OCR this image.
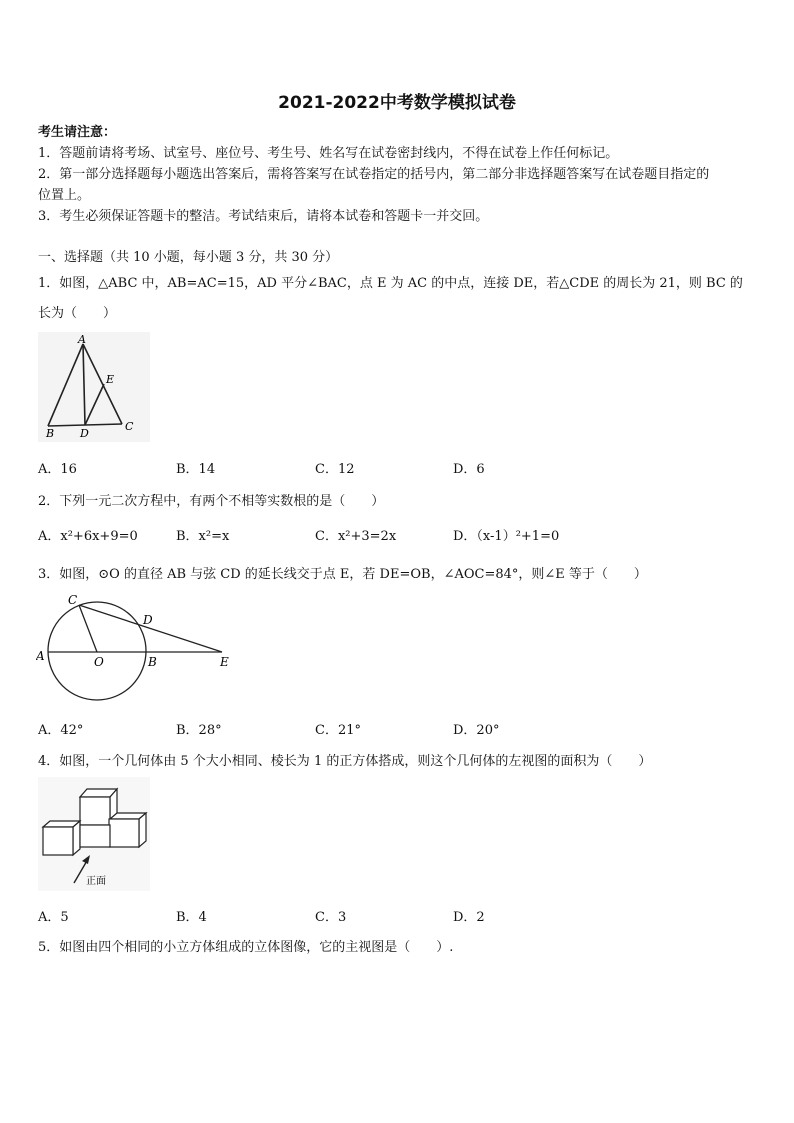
2021-2022中考数学模拟试卷
考生请注意：
1．答题前请将考场、试室号、座位号、考生号、姓名写在试卷密封线内，不得在试卷上作任何标记。
2．第一部分选择题每小题选出答案后，需将答案写在试卷指定的括号内，第二部分非选择题答案写在试卷题目指定的
位置上。
3．考生必须保证答题卡的整洁。考试结束后，请将本试卷和答题卡一并交回。
一、选择题（共 10 小题，每小题 3 分，共 30 分）
1．如图，△ABC 中，AB=AC=15，AD 平分∠BAC，点 E 为 AC 的中点，连接 DE，若△CDE 的周长为 21，则 BC 的
长为（　　）
A
B D
C
E
A．16	B．14	C．12	D．6
2．下列一元二次方程中，有两个不相等实数根的是（　　）
A．x²+6x+9=0	B．x²=x	C．x²+3=2x	D．（x-1）²+1=0
3．如图，⊙O 的直径 AB 与弦 CD 的延长线交于点 E，若 DE=OB，∠AOC=84°，则∠E 等于（　　）
A	O	B	E
C
D
A．42°	B．28°	C．21°	D．20°
4．如图，一个几何体由 5 个大小相同、棱长为 1 的正方体搭成，则这个几何体的左视图的面积为（　　）
正面
A．5	B．4	C．3	D．2
5．如图由四个相同的小立方体组成的立体图像，它的主视图是（　　）.
